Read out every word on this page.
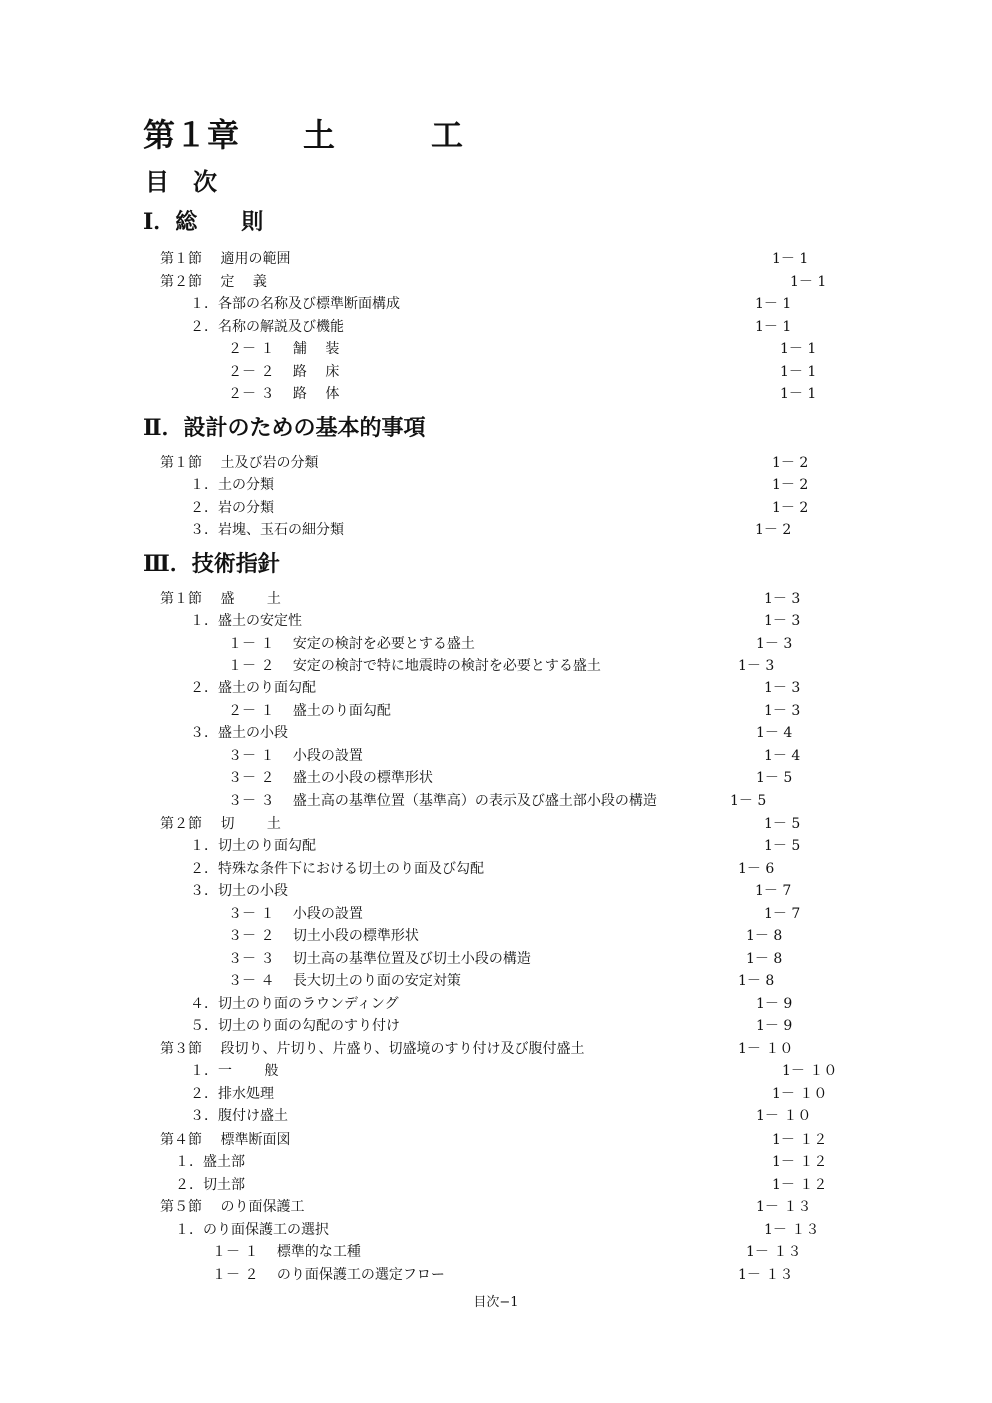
第１章　　土　　　工
目　次
Ⅰ．総　　則
Ⅱ．設計のための基本的事項
Ⅲ．技術指針
第１節　 適用の範囲	1－ 1
第２節　 定　 義	1－ 1
１．各部の名称及び標準断面構成	1－ 1
２．名称の解説及び機能	1－ 1
２－ １　 舗　 装	1－ 1
２－ ２　 路　 床	1－ 1
２－ ３　 路　 体	1－ 1
第１節　 土及び岩の分類	1－ 2
１．土の分類	1－ 2
２．岩の分類	1－ 2
３．岩塊、玉石の細分類	1－ 2
第１節　 盛　　 土	1－ 3
１．盛土の安定性	1－ 3
１－ １　 安定の検討を必要とする盛土	1－ 3
１－ ２　 安定の検討で特に地震時の検討を必要とする盛土	1－ 3
２．盛土のり面勾配	1－ 3
２－ １　 盛土のり面勾配	1－ 3
３．盛土の小段	1－ 4
３－ １　 小段の設置	1－ 4
３－ ２　 盛土の小段の標準形状	1－ 5
３－ ３　 盛土高の基準位置（基準高）の表示及び盛土部小段の構造	1－ 5
第２節　 切　　 土	1－ 5
１．切土のり面勾配	1－ 5
２．特殊な条件下における切土のり面及び勾配	1－ 6
３．切土の小段	1－ 7
３－ １　 小段の設置	1－ 7
３－ ２　 切土小段の標準形状	1－ 8
３－ ３　 切土高の基準位置及び切土小段の構造	1－ 8
３－ ４　 長大切土のり面の安定対策	1－ 8
４．切土のり面のラウンディング	1－ 9
５．切土のり面の勾配のすり付け	1－ 9
第３節　 段切り、片切り、片盛り、切盛境のすり付け及び腹付盛土	1－ １０
１．一　　 般	1－ １０
２．排水処理	1－ １０
３．腹付け盛土	1－ １０
第４節　 標準断面図	1－ １２
１．盛土部	1－ １２
２．切土部	1－ １２
第５節　 のり面保護工	1－ １３
１．のり面保護工の選択	1－ １３
１－ １　 標準的な工種	1－ １３
１－ ２　 のり面保護工の選定フロー	1－ １３
目次−1
